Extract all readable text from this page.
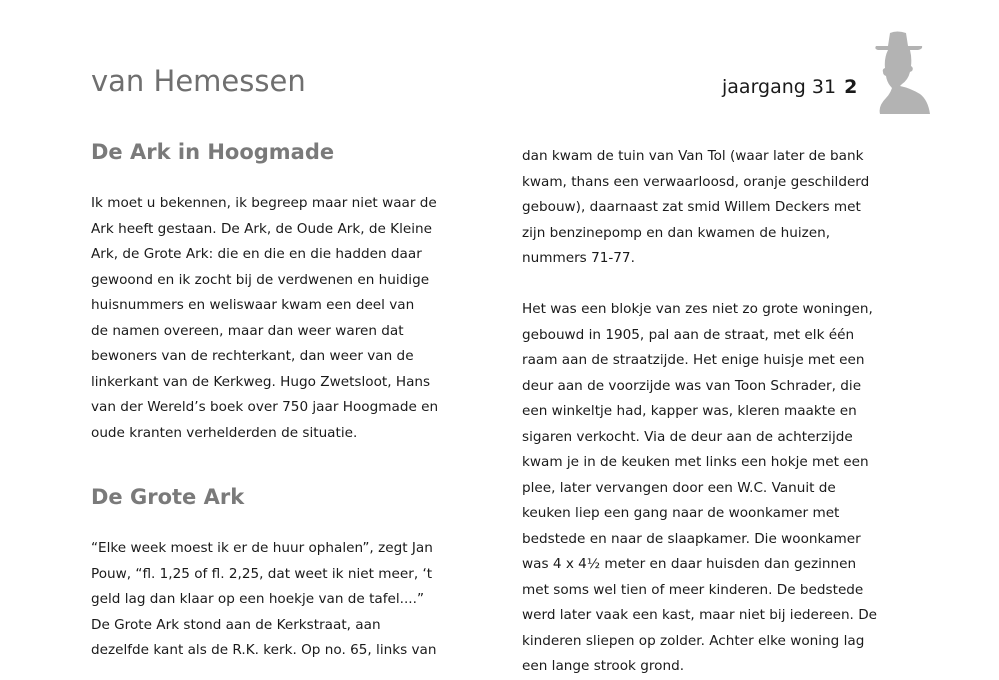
van Hemessen	jaargang 31 2
De Ark in Hoogmade

Ik moet u bekennen, ik begreep maar niet waar de
Ark heeft gestaan. De Ark, de Oude Ark, de Kleine
Ark, de Grote Ark: die en die en die hadden daar
gewoond en ik zocht bij de verdwenen en huidige
huisnummers en weliswaar kwam een deel van
de namen overeen, maar dan weer waren dat
bewoners van de rechterkant, dan weer van de
linkerkant van de Kerkweg. Hugo Zwetsloot, Hans
van der Wereld’s boek over 750 jaar Hoogmade en
oude kranten verhelderden de situatie.

De Grote Ark

“Elke week moest ik er de huur ophalen”, zegt Jan
Pouw, “fl. 1,25 of fl. 2,25, dat weet ik niet meer, ‘t
geld lag dan klaar op een hoekje van de tafel....”
De Grote Ark stond aan de Kerkstraat, aan
dezelfde kant als de R.K. kerk. Op no. 65, links van

dan kwam de tuin van Van Tol (waar later de bank
kwam, thans een verwaarloosd, oranje geschilderd
gebouw), daarnaast zat smid Willem Deckers met
zijn benzinepomp en dan kwamen de huizen,
nummers 71-77.

Het was een blokje van zes niet zo grote woningen,
gebouwd in 1905, pal aan de straat, met elk één
raam aan de straatzijde. Het enige huisje met een
deur aan de voorzijde was van Toon Schrader, die
een winkeltje had, kapper was, kleren maakte en
sigaren verkocht. Via de deur aan de achterzijde
kwam je in de keuken met links een hokje met een
plee, later vervangen door een W.C. Vanuit de
keuken liep een gang naar de woonkamer met
bedstede en naar de slaapkamer. Die woonkamer
was 4 x 4½ meter en daar huisden dan gezinnen
met soms wel tien of meer kinderen. De bedstede
werd later vaak een kast, maar niet bij iedereen. De
kinderen sliepen op zolder. Achter elke woning lag
een lange strook grond.
